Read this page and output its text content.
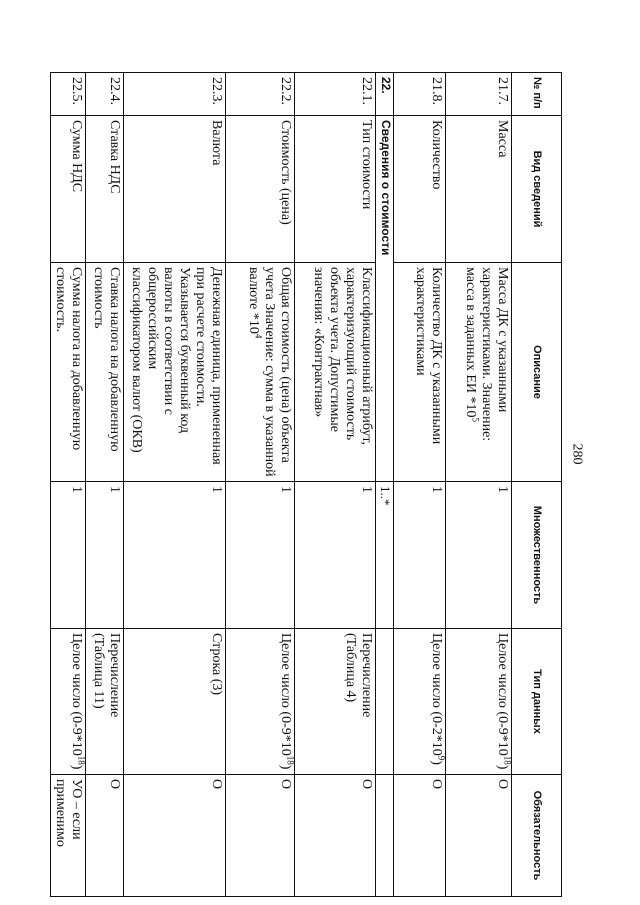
280
№ п/п	Вид сведений	Описание	Множественность	Тип данных	Обязательность
21.7.	Масса	Масса ДК с указанными характеристиками. Значение: масса в заданных ЕИ $*10^5$	1	Целое число $(0-9*10^{18})$	О
21.8.	Количество	Количество ДК с указанными характеристиками	1	Целое число $(0-2*10^9)$	О
22.	Сведения о стоимости		1..*		
22.1.	Тип стоимости	Классификационный атрибут, характеризующий стоимость объекта учета. Допустимые значения: «Контрактная»	1	Перечисление (Таблица 4)	О
22.2.	Стоимость (цена)	Общая стоимость (цена) объекта учета Значение: сумма в указанной валюте $*10^4$	1	Целое число $(0-9*10^{18})$	О
22.3.	Валюта	Денежная единица, примененная при расчете стоимости. Указывается буквенный код валюты в соответствии с общероссийским классификатором валют (ОКВ)	1	Строка (3)	О
22.4.	Ставка НДС	Ставка налога на добавленную стоимость	1	Перечисление (Таблица 11)	О
22.5.	Сумма НДС	Сумма налога на добавленную стоимость.	1	Целое число $(0-9*10^{18})$	УО – если применимо
